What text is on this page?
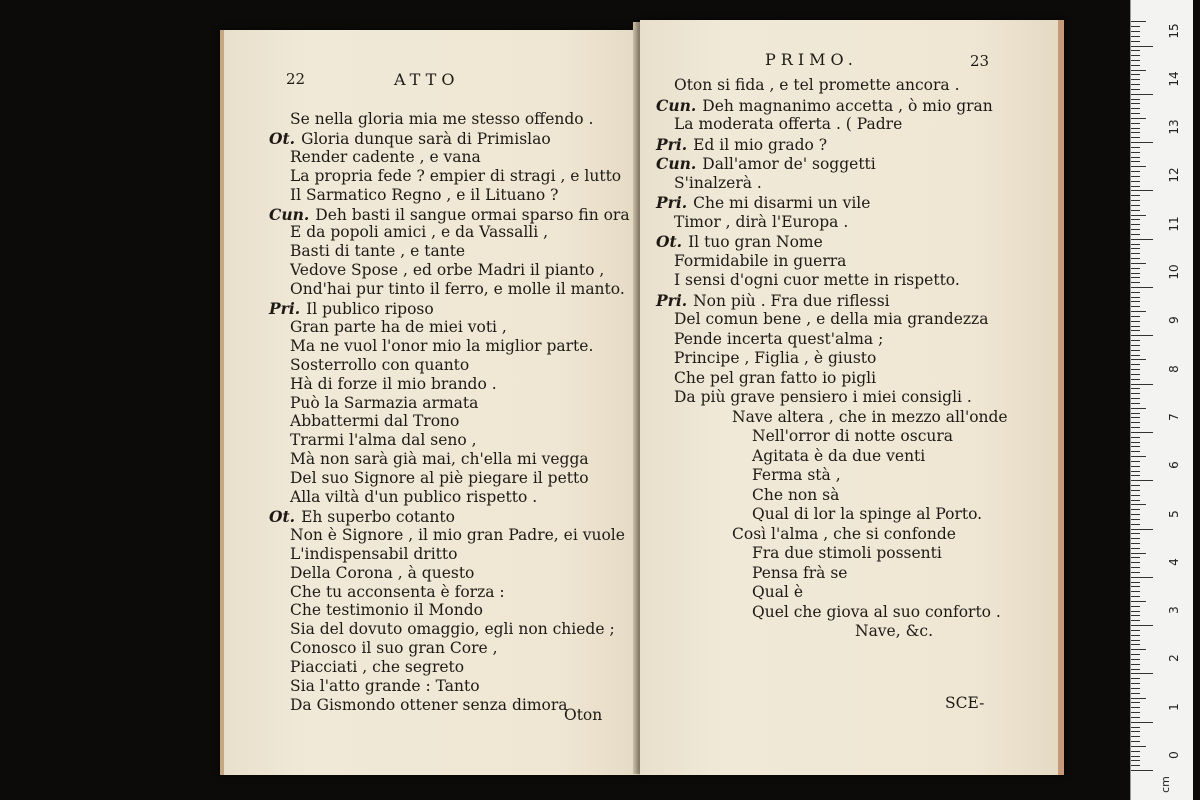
22	ATTO
Se nella gloria mia me stesso offendo .
Ot. Gloria dunque sarà di Primislao
Render cadente , e vana
La propria fede ? empier di stragi , e lutto
Il Sarmatico Regno , e il Lituano ?
Cun. Deh basti il sangue ormai sparso fin ora
E da popoli amici , e da Vassalli ,
Basti di tante , e tante
Vedove Spose , ed orbe Madri il pianto ,
Ond'hai pur tinto il ferro, e molle il manto.
Pri. Il publico riposo
Gran parte ha de miei voti ,
Ma ne vuol l'onor mio la miglior parte.
Sosterrollo con quanto
Hà di forze il mio brando .
Può la Sarmazia armata
Abbattermi dal Trono
Trarmi l'alma dal seno ,
Mà non sarà già mai, ch'ella mi vegga
Del suo Signore al piè piegare il petto
Alla viltà d'un publico rispetto .
Ot. Eh superbo cotanto
Non è Signore , il mio gran Padre, ei vuole
L'indispensabil dritto
Della Corona , à questo
Che tu acconsenta è forza :
Che testimonio il Mondo
Sia del dovuto omaggio, egli non chiede ;
Conosco il suo gran Core ,
Piacciati , che segreto
Sia l'atto grande : Tanto
Da Gismondo ottener senza dimora
Oton
PRIMO.	23
Oton si fida , e tel promette ancora .
Cun. Deh magnanimo accetta , ò mio gran
La moderata offerta . ( Padre
Pri. Ed il mio grado ?
Cun. Dall'amor de' soggetti
S'inalzerà .
Pri. Che mi disarmi un vile
Timor , dirà l'Europa .
Ot. Il tuo gran Nome
Formidabile in guerra
I sensi d'ogni cuor mette in rispetto.
Pri. Non più . Fra due riflessi
Del comun bene , e della mia grandezza
Pende incerta quest'alma ;
Principe , Figlia , è giusto
Che pel gran fatto io pigli
Da più grave pensiero i miei consigli .
Nave altera , che in mezzo all'onde
Nell'orror di notte oscura
Agitata è da due venti
Ferma stà ,
Che non sà
Qual di lor la spinge al Porto.
Così l'alma , che si confonde
Fra due stimoli possenti
Pensa frà se
Qual è
Quel che giova al suo conforto .
Nave, &c.
SCE-
0
1
2
3
4
5
6
7
8
9
10
11
12
13
14
15
cm
